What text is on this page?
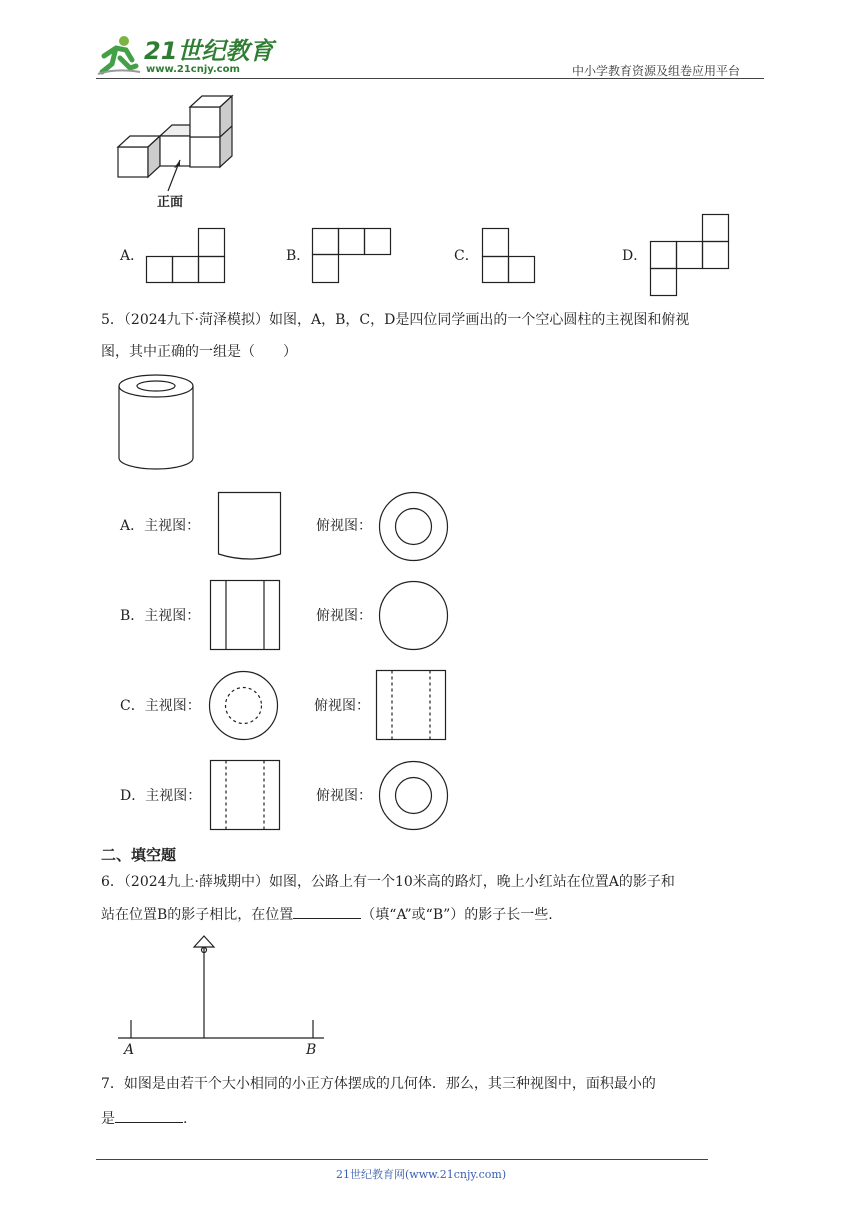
21世纪教育
www.21cnjy.com	中小学教育资源及组卷应用平台
正面
A．	B．	C．	D．
5．（2024九下·菏泽模拟）如图，A，B，C，D是四位同学画出的一个空心圆柱的主视图和俯视
图，其中正确的一组是（　　）
A．主视图：	俯视图：
B．主视图：	俯视图：
C．主视图：	俯视图：
D．主视图：	俯视图：
二、填空题
6．（2024九上·薛城期中）如图，公路上有一个10米高的路灯，晚上小红站在位置A的影子和
站在位置B的影子相比，在位置	（填“A”或“B”）的影子长一些.
A	B
7．如图是由若干个大小相同的小正方体摆成的几何体．那么，其三种视图中，面积最小的
是	.
21世纪教育网(www.21cnjy.com)
